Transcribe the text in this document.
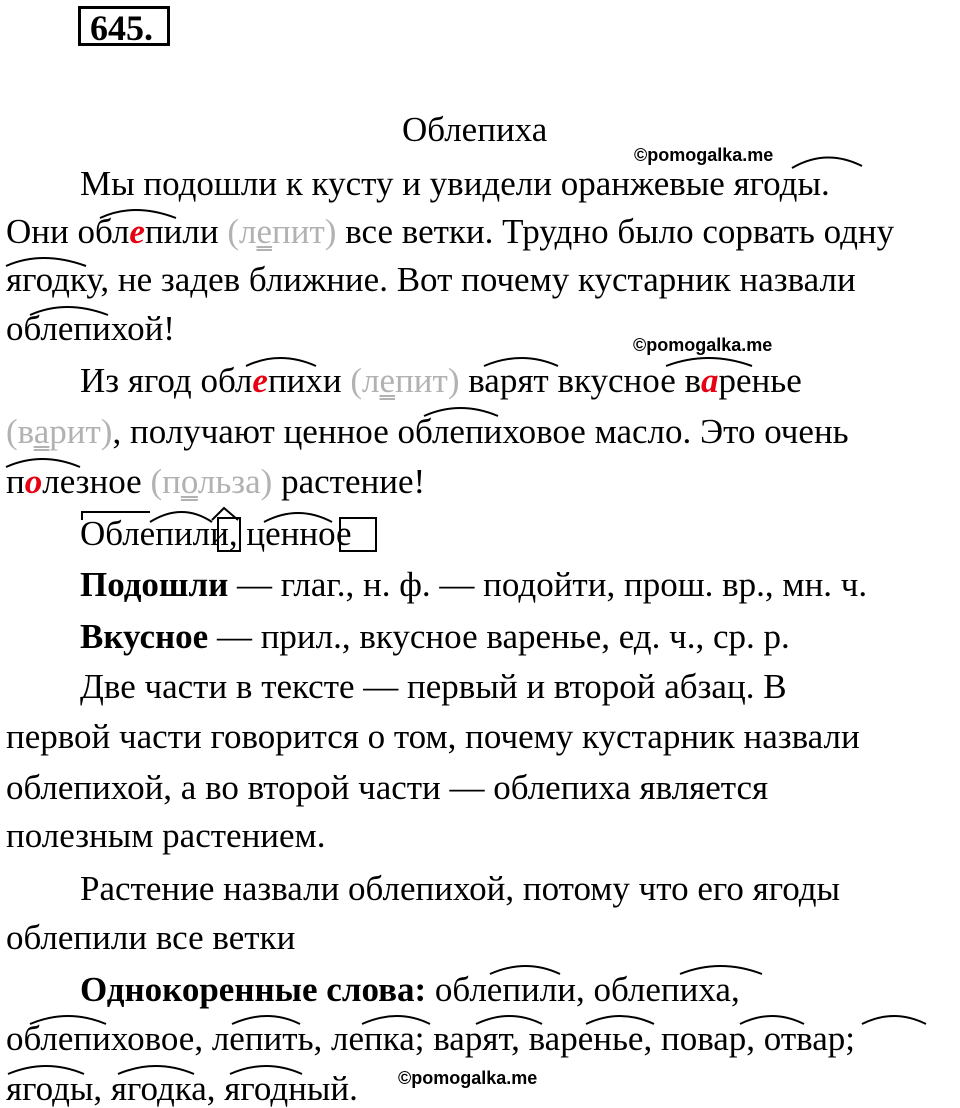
645.
Облепиха
©pomogalka.me
©pomogalka.me
©pomogalka.me
Мы подошли к кусту и увидели оранжевые ягоды.
Они облепили (лепит) все ветки. Трудно было сорвать одну
ягодку, не задев ближние. Вот почему кустарник назвали
облепихой!
Из ягод облепихи (лепит) варят вкусное варенье
(варит), получают ценное облепиховое масло. Это очень
полезное (польза) растение!
Облепили, ценное
Подошли — глаг., н. ф. — подойти, прош. вр., мн. ч.
Вкусное — прил., вкусное варенье, ед. ч., ср. р.
Две части в тексте — первый и второй абзац. В
первой части говорится о том, почему кустарник назвали
облепихой, а во второй части — облепиха является
полезным растением.
Растение назвали облепихой, потому что его ягоды
облепили все ветки
Однокоренные слова: облепили, облепиха,
облепиховое, лепить, лепка; варят, варенье, повар, отвар;
ягоды, ягодка, ягодный.
